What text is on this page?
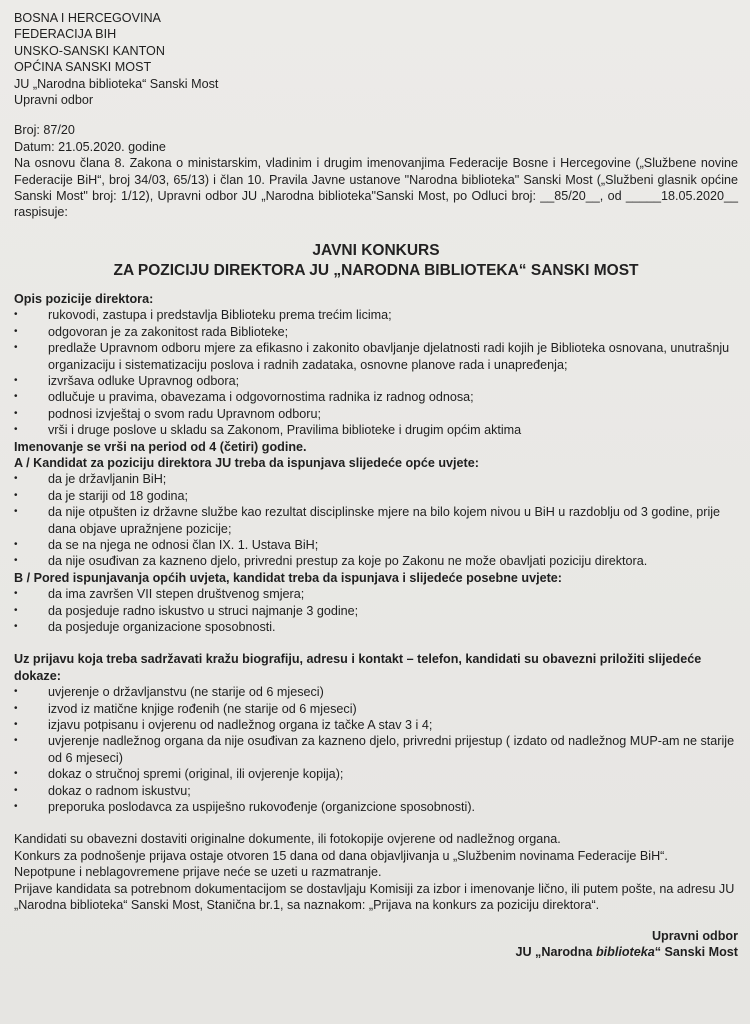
BOSNA I HERCEGOVINA
FEDERACIJA BIH
UNSKO-SANSKI KANTON
OPĆINA SANSKI MOST
JU „Narodna biblioteka“ Sanski Most
Upravni odbor
Broj: 87/20
Datum: 21.05.2020. godine

Na osnovu člana 8. Zakona o ministarskim, vladinim i drugim imenovanjima Federacije Bosne i Hercegovine („Službene novine Federacije BiH“, broj 34/03, 65/13) i član 10. Pravila Javne ustanove "Narodna biblioteka" Sanski Most („Službeni glasnik općine Sanski Most" broj: 1/12), Upravni odbor JU „Narodna biblioteka"Sanski Most, po Odluci broj: __85/20__, od _____18.05.2020__ raspisuje:

JAVNI KONKURS
ZA POZICIJU DIREKTORA JU „NARODNA BIBLIOTEKA“ SANSKI MOST
Opis pozicije direktora:
• rukovodi, zastupa i predstavlja Biblioteku prema trećim licima;
• odgovoran je za zakonitost rada Biblioteke;
• predlaže Upravnom odboru mjere za efikasno i zakonito obavljanje djelatnosti radi kojih je Biblioteka osnovana, unutrašnju organizaciju i sistematizaciju poslova i radnih zadataka, osnovne planove rada i unapređenja;
• izvršava odluke Upravnog odbora;
• odlučuje u pravima, obavezama i odgovornostima radnika iz radnog odnosa;
• podnosi izvještaj o svom radu Upravnom odboru;
• vrši i druge poslove u skladu sa Zakonom, Pravilima biblioteke i drugim općim aktima
Imenovanje se vrši na period od 4 (četiri) godine.
A / Kandidat za poziciju direktora JU treba da ispunjava slijedeće opće uvjete:
• da je državljanin BiH;
• da je stariji od 18 godina;
• da nije otpušten iz državne službe kao rezultat disciplinske mjere na bilo kojem nivou u BiH u razdoblju od 3 godine, prije dana objave upražnjene pozicije;
• da se na njega ne odnosi član IX. 1. Ustava BiH;
• da nije osuđivan za kazneno djelo, privredni prestup za koje po Zakonu ne može obavljati poziciju direktora.
B / Pored ispunjavanja općih uvjeta, kandidat treba da ispunjava i slijedeće posebne uvjete:
• da ima završen VII stepen društvenog smjera;
• da posjeduje radno iskustvo u struci najmanje 3 godine;
• da posjeduje organizacione sposobnosti.
Uz prijavu koja treba sadržavati kražu biografiju, adresu i kontakt – telefon, kandidati su obavezni priložiti slijedeće dokaze:
• uvjerenje o državljanstvu (ne starije od 6 mjeseci)
• izvod iz matične knjige rođenih (ne starije od 6 mjeseci)
• izjavu potpisanu i ovjerenu od nadležnog organa iz tačke A stav 3 i 4;
• uvjerenje nadležnog organa da nije osuđivan za kazneno djelo, privredni prijestup ( izdato od nadležnog MUP-am ne starije od 6 mjeseci)
• dokaz o stručnoj spremi (original, ili ovjerenje kopija);
• dokaz o radnom iskustvu;
• preporuka poslodavca za uspiješno rukovođenje (organizcione sposobnosti).

Kandidati su obavezni dostaviti originalne dokumente, ili fotokopije ovjerene od nadležnog organa.

Konkurs za podnošenje prijava ostaje otvoren 15 dana od dana objavljivanja u „Službenim novinama Federacije BiH“.

Nepotpune i neblagovremene prijave neće se uzeti u razmatranje.

Prijave kandidata sa potrebnom dokumentacijom se dostavljaju Komisiji za izbor i imenovanje lično, ili putem pošte, na adresu JU „Narodna biblioteka“ Sanski Most, Stanična br.1, sa naznakom: „Prijava na konkurs za poziciju direktora“.

Upravni odbor
JU „Narodna biblioteka“ Sanski Most
